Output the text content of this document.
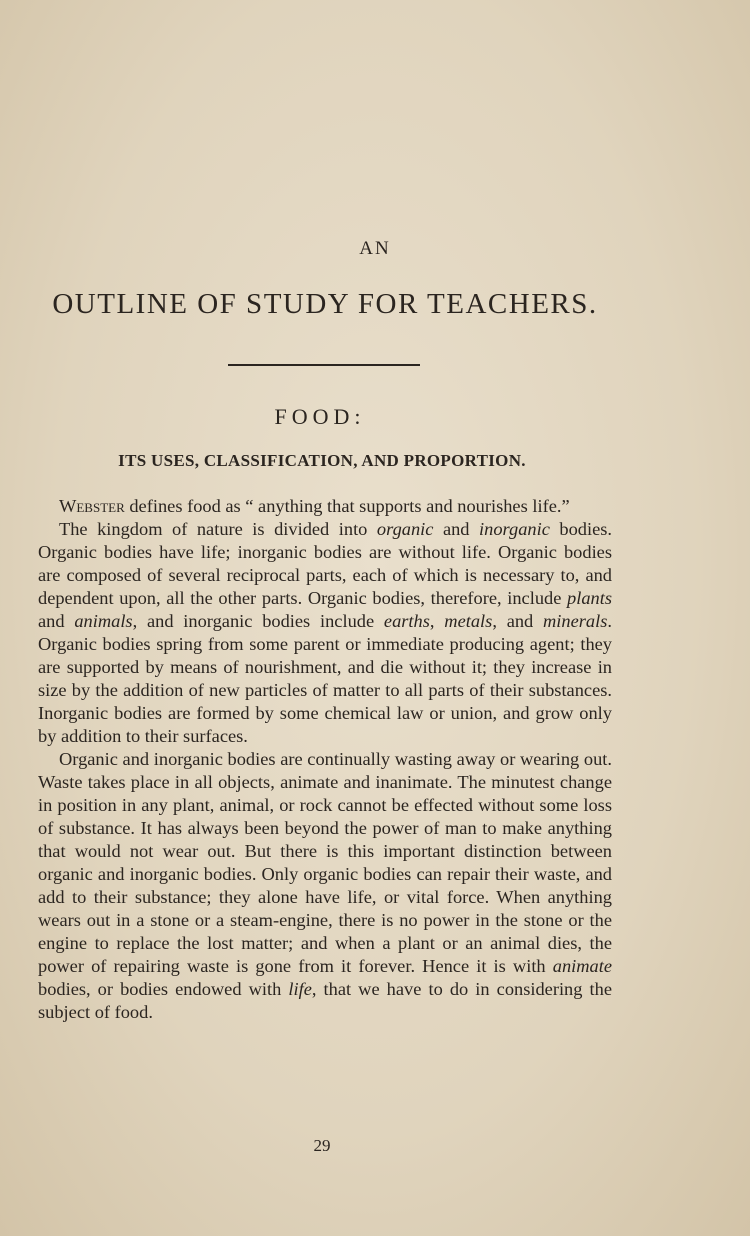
AN
OUTLINE OF STUDY FOR TEACHERS.
FOOD:
ITS USES, CLASSIFICATION, AND PROPORTION.

Webster defines food as “ anything that supports and nourishes life.”

The kingdom of nature is divided into organic and inorganic bodies. Organic bodies have life; inorganic bodies are without life. Organic bodies are composed of several reciprocal parts, each of which is necessary to, and dependent upon, all the other parts. Organic bodies, therefore, include plants and animals, and inorganic bodies include earths, metals, and minerals. Organic bodies spring from some parent or immediate producing agent; they are supported by means of nourishment, and die without it; they increase in size by the addition of new particles of matter to all parts of their substances. Inorganic bodies are formed by some chemical law or union, and grow only by addition to their surfaces.

Organic and inorganic bodies are continually wasting away or wearing out. Waste takes place in all objects, animate and inanimate. The minutest change in position in any plant, animal, or rock cannot be effected without some loss of substance. It has always been beyond the power of man to make anything that would not wear out. But there is this important distinction between organic and inorganic bodies. Only organic bodies can repair their waste, and add to their substance; they alone have life, or vital force. When anything wears out in a stone or a steam-engine, there is no power in the stone or the engine to replace the lost matter; and when a plant or an animal dies, the power of repairing waste is gone from it forever. Hence it is with animate bodies, or bodies endowed with life, that we have to do in considering the subject of food.

29
